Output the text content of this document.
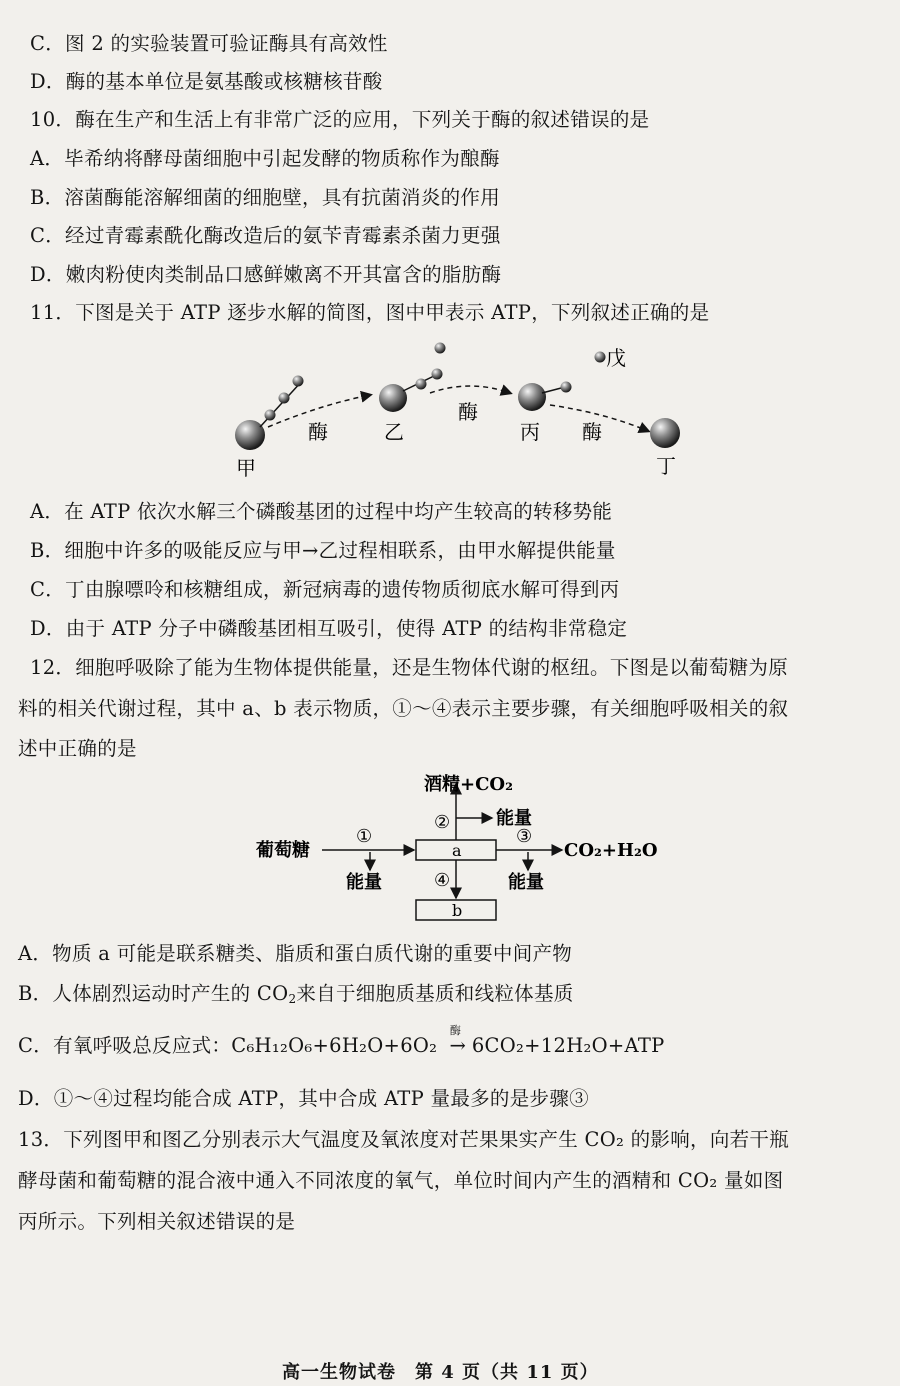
C．图 2 的实验装置可验证酶具有高效性
D．酶的基本单位是氨基酸或核糖核苷酸
10．酶在生产和生活上有非常广泛的应用，下列关于酶的叙述错误的是
A．毕希纳将酵母菌细胞中引起发酵的物质称作为酿酶
B．溶菌酶能溶解细菌的细胞壁，具有抗菌消炎的作用
C．经过青霉素酰化酶改造后的氨苄青霉素杀菌力更强
D．嫩肉粉使肉类制品口感鲜嫩离不开其富含的脂肪酶
11．下图是关于 ATP 逐步水解的简图，图中甲表示 ATP，下列叙述正确的是
甲
酶	乙
酶
戊
丙 酶
丁
A．在 ATP 依次水解三个磷酸基团的过程中均产生较高的转移势能
B．细胞中许多的吸能反应与甲→乙过程相联系，由甲水解提供能量
C．丁由腺嘌呤和核糖组成，新冠病毒的遗传物质彻底水解可得到丙
D．由于 ATP 分子中磷酸基团相互吸引，使得 ATP 的结构非常稳定
12．细胞呼吸除了能为生物体提供能量，还是生物体代谢的枢纽。下图是以葡萄糖为原
料的相关代谢过程，其中 a、b 表示物质，①～④表示主要步骤，有关细胞呼吸相关的叙
述中正确的是
葡萄糖
①
能量
a
酒精+CO₂
②	能量
③
能量
CO₂+H₂O
④
b
A．物质 a 可能是联系糖类、脂质和蛋白质代谢的重要中间产物
B．人体剧烈运动时产生的 $CO_2$来自于细胞质基质和线粒体基质
C．有氧呼吸总反应式：C₆H₁₂O₆+6H₂O+6O₂
酶
→ 6CO₂+12H₂O+ATP
D．①～④过程均能合成 ATP，其中合成 ATP 量最多的是步骤③
13．下列图甲和图乙分别表示大气温度及氧浓度对芒果果实产生 CO₂ 的影响，向若干瓶
酵母菌和葡萄糖的混合液中通入不同浓度的氧气，单位时间内产生的酒精和 CO₂ 量如图
丙所示。下列相关叙述错误的是
高一生物试卷　第 4 页（共 11 页）
